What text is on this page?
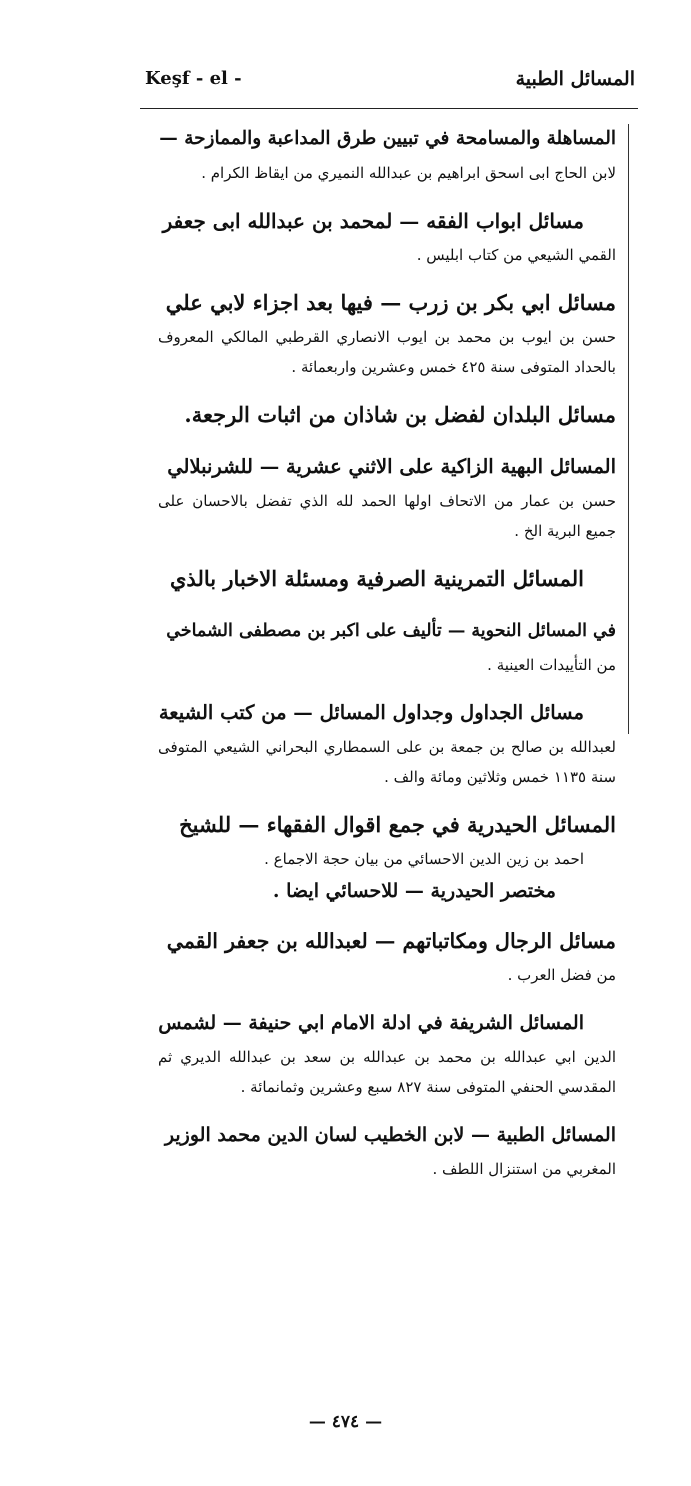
Keşf - el -	المسائل الطبية
المساهلة والمسامحة في تبيين طرق المداعبة والممازحة —
لابن الحاج ابى اسحق ابراهيم بن عبدالله النميري من ايقاظ الكرام .
مسائل ابواب الفقه — لمحمد بن عبدالله ابى جعفر
القمي الشيعي من كتاب ابليس .
مسائل ابي بكر بن زرب — فيها بعد اجزاء لابي علي
حسن بن ايوب بن محمد بن ايوب الانصاري القرطبي المالكي المعروف بالحداد المتوفى سنة ٤٢٥ خمس وعشرين واربعمائة .
مسائل البلدان لفضل بن شاذان من اثبات الرجعة.
المسائل البهية الزاكية على الاثني عشرية — للشرنبلالي
حسن بن عمار من الاتحاف اولها الحمد لله الذي تفضل بالاحسان على جميع البرية الخ .
المسائل التمرينية الصرفية ومسئلة الاخبار بالذي
في المسائل النحوية — تأليف على اكبر بن مصطفى الشماخي
من التأييدات العينية .
مسائل الجداول وجداول المسائل — من كتب الشيعة
لعبدالله بن صالح بن جمعة بن على السمطاري البحراني الشيعي المتوفى سنة ١١٣٥ خمس وثلاثين ومائة والف .
المسائل الحيدرية في جمع اقوال الفقهاء — للشيخ
احمد بن زين الدين الاحسائي من بيان حجة الاجماع .
مختصر الحيدرية — للاحسائي ايضا .
مسائل الرجال ومكاتباتهم — لعبدالله بن جعفر القمي
من فضل العرب .
المسائل الشريفة في ادلة الامام ابي حنيفة — لشمس
الدين ابي عبدالله بن محمد بن عبدالله بن سعد بن عبدالله الديري ثم المقدسي الحنفي المتوفى سنة ٨٢٧ سبع وعشرين وثمانمائة .
المسائل الطبية — لابن الخطيب لسان الدين محمد الوزير
المغربي من استنزال اللطف .
— ٤٧٤ —
